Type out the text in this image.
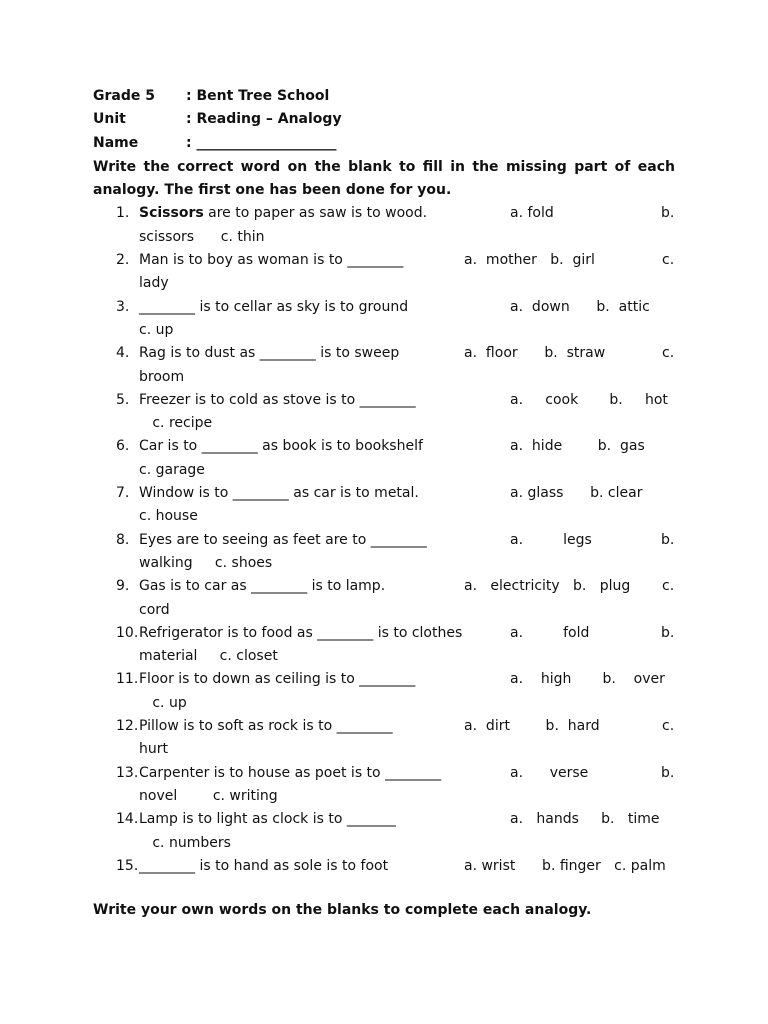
Grade 5 : Bent Tree School
Unit	: Reading – Analogy
Name	: ____________________
Write the correct word on the blank to fill in the missing part of each analogy. The first one has been done for you.
1. Scissors are to paper as saw is to wood.	a. fold	b.
scissors      c. thin
2. Man is to boy as woman is to ________	a.  mother   b.  girl	c.
lady
3. ________ is to cellar as sky is to ground	a.  down      b.  attic
c. up
4. Rag is to dust as ________ is to sweep	a.  floor      b.  straw	c.
broom
5. Freezer is to cold as stove is to ________	a.     cook       b.     hot
c. recipe
6. Car is to ________ as book is to bookshelf	a.  hide        b.  gas
c. garage
7. Window is to ________ as car is to metal.	a. glass      b. clear
c. house
8. Eyes are to seeing as feet are to ________	a.         legs	b.
walking     c. shoes
9. Gas is to car as ________ is to lamp.	a.   electricity   b.   plug c.
cord
10. Refrigerator is to food as ________ is to clothes	a.         fold	b.
material     c. closet
11. Floor is to down as ceiling is to ________	a.    high       b.    over
c. up
12. Pillow is to soft as rock is to ________	a.  dirt        b.  hard	c.
hurt
13. Carpenter is to house as poet is to ________	a.      verse	b.
novel        c. writing
14. Lamp is to light as clock is to _______	a.   hands     b.   time
c. numbers
15. ________ is to hand as sole is to foot	a. wrist      b. finger   c. palm
Write your own words on the blanks to complete each analogy.
